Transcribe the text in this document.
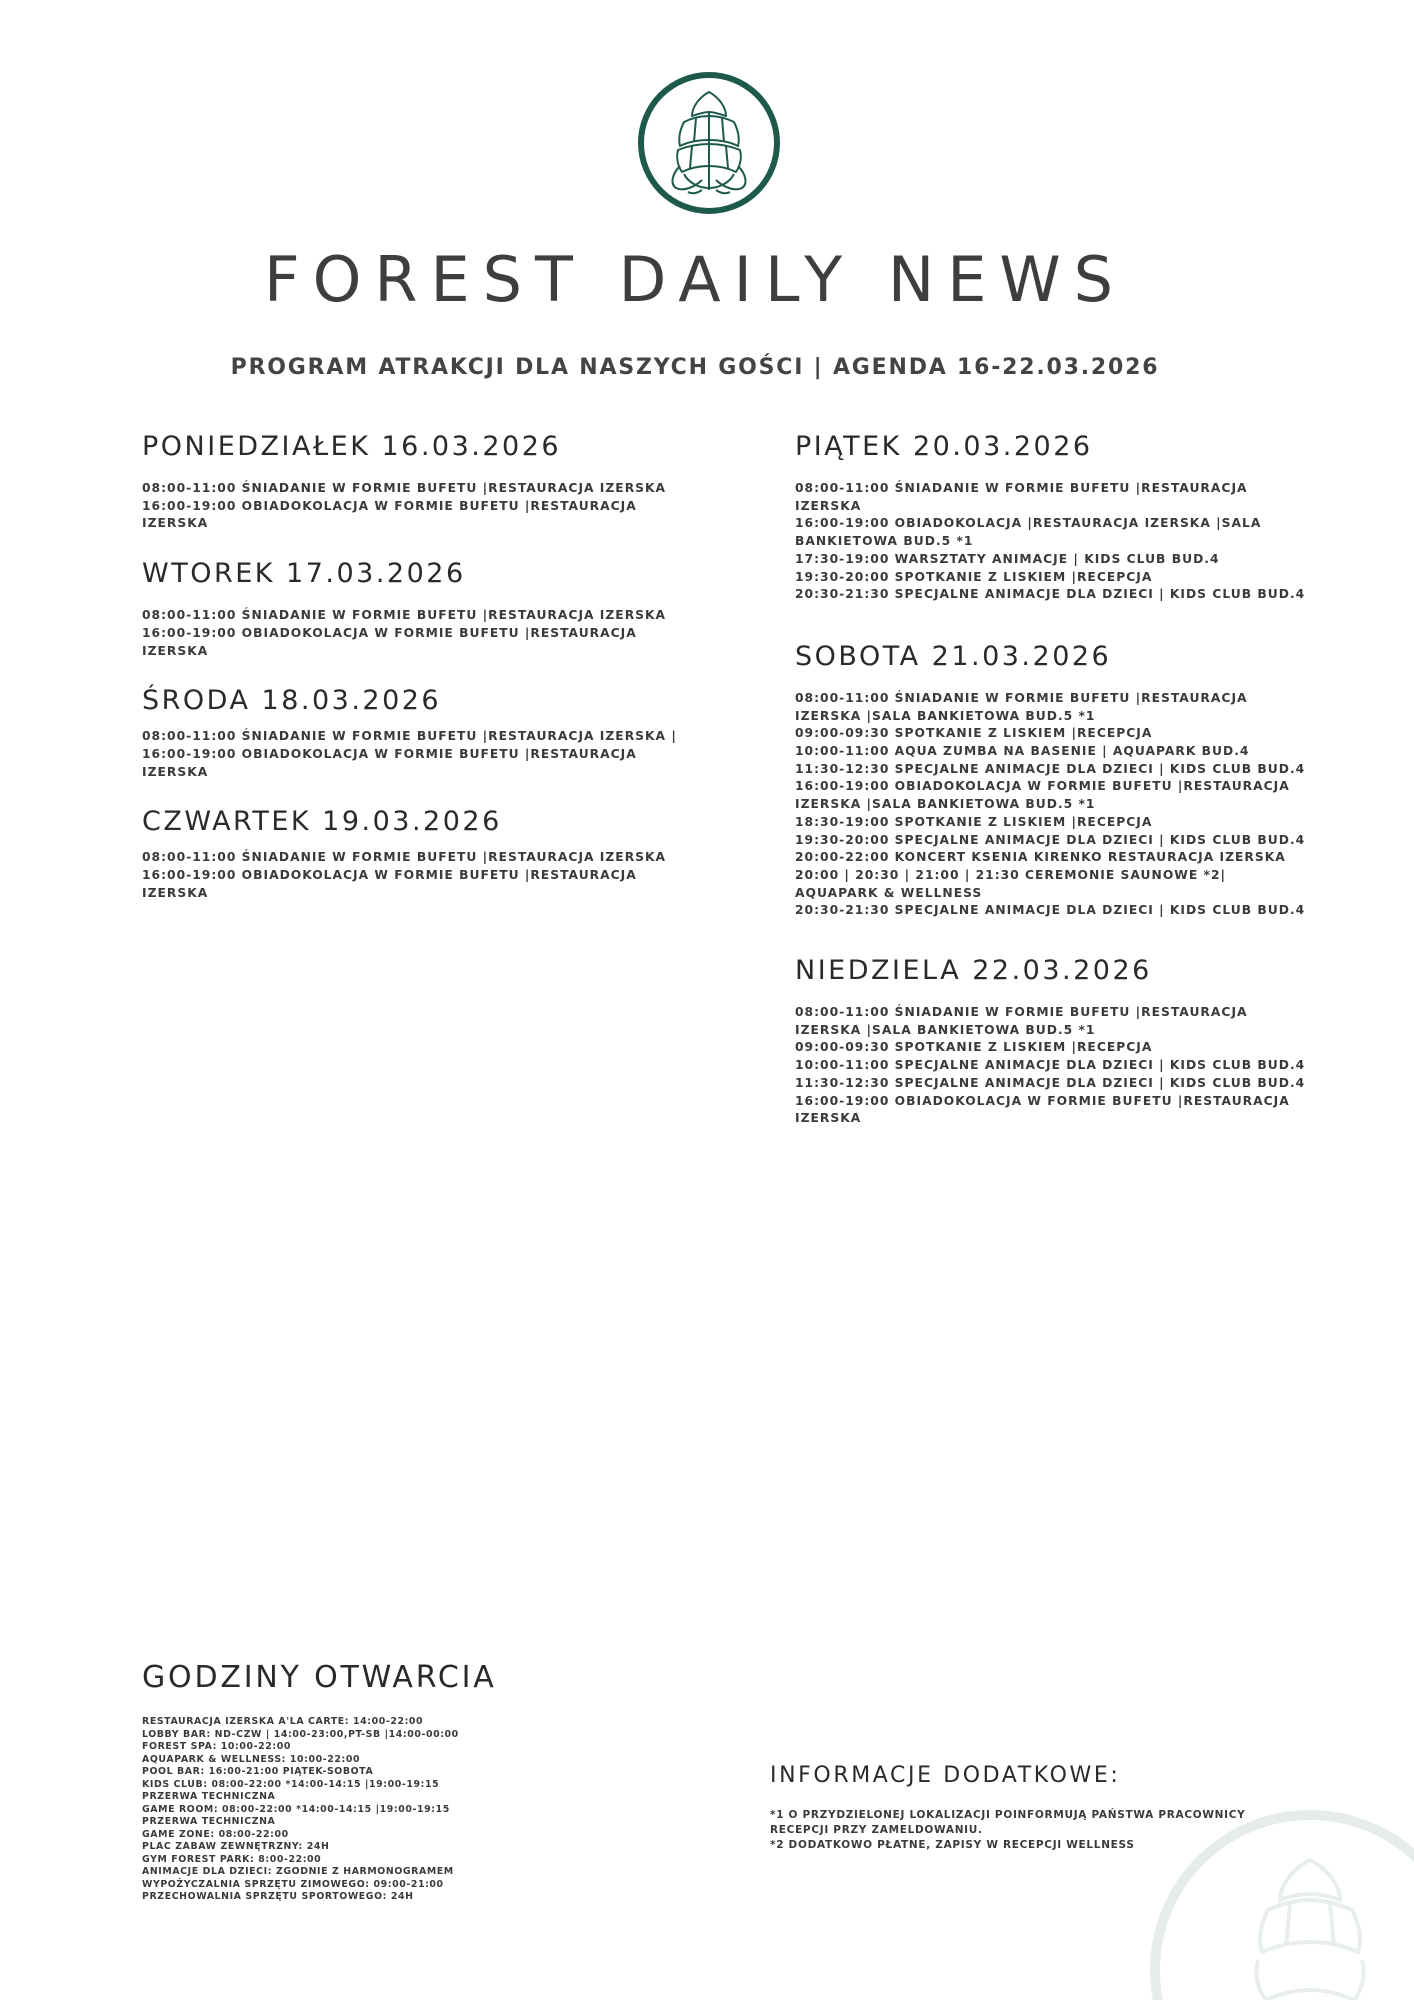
FOREST DAILY NEWS

PROGRAM ATRAKCJI DLA NASZYCH GOŚCI | AGENDA 16-22.03.2026

PONIEDZIAŁEK 16.03.2026
08:00-11:00 ŚNIADANIE W FORMIE BUFETU |RESTAURACJA IZERSKA
16:00-19:00 OBIADOKOLACJA W FORMIE BUFETU |RESTAURACJA
IZERSKA
WTOREK 17.03.2026
08:00-11:00 ŚNIADANIE W FORMIE BUFETU |RESTAURACJA IZERSKA
16:00-19:00 OBIADOKOLACJA W FORMIE BUFETU |RESTAURACJA
IZERSKA
ŚRODA 18.03.2026
08:00-11:00 ŚNIADANIE W FORMIE BUFETU |RESTAURACJA IZERSKA |
16:00-19:00 OBIADOKOLACJA W FORMIE BUFETU |RESTAURACJA
IZERSKA
CZWARTEK 19.03.2026
08:00-11:00 ŚNIADANIE W FORMIE BUFETU |RESTAURACJA IZERSKA
16:00-19:00 OBIADOKOLACJA W FORMIE BUFETU |RESTAURACJA
IZERSKA
PIĄTEK 20.03.2026
08:00-11:00 ŚNIADANIE W FORMIE BUFETU |RESTAURACJA
IZERSKA
16:00-19:00 OBIADOKOLACJA |RESTAURACJA IZERSKA |SALA
BANKIETOWA BUD.5 *1
17:30-19:00 WARSZTATY ANIMACJE | KIDS CLUB BUD.4
19:30-20:00 SPOTKANIE Z LISKIEM |RECEPCJA
20:30-21:30 SPECJALNE ANIMACJE DLA DZIECI | KIDS CLUB BUD.4
SOBOTA 21.03.2026
08:00-11:00 ŚNIADANIE W FORMIE BUFETU |RESTAURACJA
IZERSKA |SALA BANKIETOWA BUD.5 *1
09:00-09:30 SPOTKANIE Z LISKIEM |RECEPCJA
10:00-11:00 AQUA ZUMBA NA BASENIE | AQUAPARK BUD.4
11:30-12:30 SPECJALNE ANIMACJE DLA DZIECI | KIDS CLUB BUD.4
16:00-19:00 OBIADOKOLACJA W FORMIE BUFETU |RESTAURACJA
IZERSKA |SALA BANKIETOWA BUD.5 *1
18:30-19:00 SPOTKANIE Z LISKIEM |RECEPCJA
19:30-20:00 SPECJALNE ANIMACJE DLA DZIECI | KIDS CLUB BUD.4
20:00-22:00 KONCERT KSENIA KIRENKO RESTAURACJA IZERSKA
20:00 | 20:30 | 21:00 | 21:30 CEREMONIE SAUNOWE *2|
AQUAPARK & WELLNESS
20:30-21:30 SPECJALNE ANIMACJE DLA DZIECI | KIDS CLUB BUD.4
NIEDZIELA 22.03.2026
08:00-11:00 ŚNIADANIE W FORMIE BUFETU |RESTAURACJA
IZERSKA |SALA BANKIETOWA BUD.5 *1
09:00-09:30 SPOTKANIE Z LISKIEM |RECEPCJA
10:00-11:00 SPECJALNE ANIMACJE DLA DZIECI | KIDS CLUB BUD.4
11:30-12:30 SPECJALNE ANIMACJE DLA DZIECI | KIDS CLUB BUD.4
16:00-19:00 OBIADOKOLACJA W FORMIE BUFETU |RESTAURACJA
IZERSKA
GODZINY OTWARCIA
RESTAURACJA IZERSKA A'LA CARTE: 14:00-22:00
LOBBY BAR: ND-CZW | 14:00-23:00,PT-SB |14:00-00:00
FOREST SPA: 10:00-22:00
AQUAPARK & WELLNESS: 10:00-22:00
POOL BAR: 16:00-21:00 PIĄTEK-SOBOTA
KIDS CLUB: 08:00-22:00 *14:00-14:15 |19:00-19:15
PRZERWA TECHNICZNA
GAME ROOM: 08:00-22:00 *14:00-14:15 |19:00-19:15
PRZERWA TECHNICZNA
GAME ZONE: 08:00-22:00
PLAC ZABAW ZEWNĘTRZNY: 24H
GYM FOREST PARK: 8:00-22:00
ANIMACJE DLA DZIECI: ZGODNIE Z HARMONOGRAMEM
WYPOŻYCZALNIA SPRZĘTU ZIMOWEGO: 09:00-21:00
PRZECHOWALNIA SPRZĘTU SPORTOWEGO: 24H
INFORMACJE DODATKOWE:

*1 O PRZYDZIELONEJ LOKALIZACJI POINFORMUJĄ PAŃSTWA PRACOWNICY RECEPCJI PRZY ZAMELDOWANIU.

*2 DODATKOWO PŁATNE, ZAPISY W RECEPCJI WELLNESS
